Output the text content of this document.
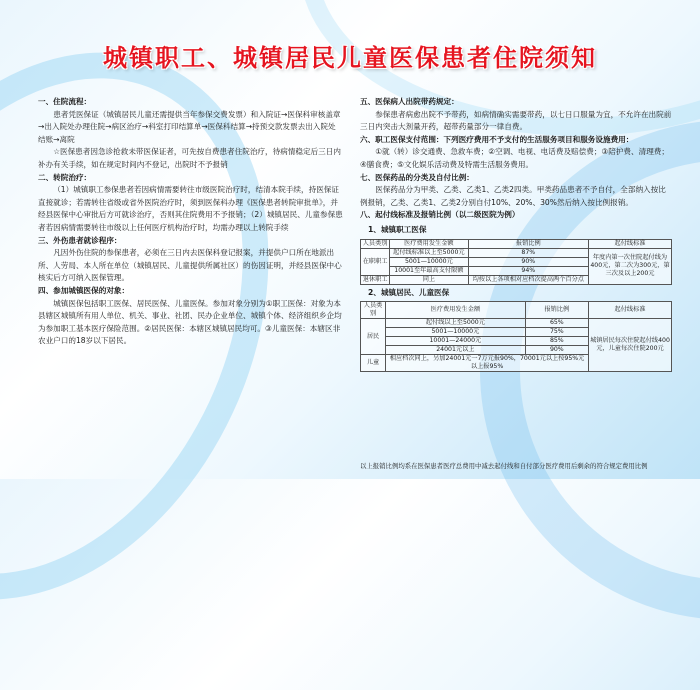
城镇职工、城镇居民儿童医保患者住院须知
一、住院流程：
患者凭医保证（城镇居民儿童还需提供当年参保交费发票）和入院证→医保科审核盖章→出入院处办理住院→病区治疗→科室打印结算单→医保科结算→持预交款发票去出入院处结账→离院
☆医保患者因急诊抢救未带医保证者，可先按自费患者住院治疗，待病情稳定后三日内补办有关手续，如在规定时间内不登记，出院时不予报销
二、转院治疗：
（1）城镇职工参保患者若因病情需要转往市级医院治疗时，结清本院手续，持医保证直接就诊；若需转往省级或省外医院治疗时，须到医保科办理《医保患者转院审批单》，并经县医保中心审批后方可就诊治疗，否则其住院费用不予报销；（2）城镇居民、儿童参保患者若因病情需要转往市级以上任何医疗机构治疗时，均需办理以上转院手续
三、外伤患者就诊程序：
凡因外伤住院的参保患者，必须在三日内去医保科登记报案，并提供户口所在地派出所、人劳局、本人所在单位（城镇居民、儿童提供所属社区）的伤因证明，并经县医保中心核实后方可纳入医保管理。
四、参加城镇医保的对象：
城镇医保包括职工医保、居民医保、儿童医保。参加对象分别为①职工医保：对象为本县辖区城镇所有用人单位、机关、事业、社团、民办企业单位、城镇个体、经济组织乡企均为参加职工基本医疗保险范围。②居民医保：本辖区城镇居民均可。③儿童医保：本辖区非农业户口的18岁以下居民。
五、医保病人出院带药规定：
参保患者病愈出院不予带药，如病情确实需要带药，以七日口服量为宜，不允许在出院前三日内突击大剂量开药，超带药量部分一律自费。
六、职工医保支付范围：下列医疗费用不予支付的生活服务项目和服务设施费用：
①就（转）诊交通费、急救车费；②空调、电视、电话费及赔偿费；③陪护费、清理费；④膳食费；⑤文化娱乐活动费及特需生活服务费用。
七、医保药品的分类及自付比例：
医保药品分为甲类、乙类、乙类1、乙类2四类。甲类药品患者不予自付，全部纳入按比例报销，乙类、乙类1、乙类2分别自付10%、20%、30%然后纳入按比例报销。
八、起付线标准及报销比例（以二级医院为例）
1、城镇职工医保
人员类别	医疗费用发生金额	报销比例	起付线标准
在职职工	起付线标准以上至5000元	87%	年度内第一次住院起付线为400元，第二次为300元，第三次及以上200元
	5001—10000元	90%	
	10001至年最高支付限额	94%	
退休职工	同上	均按以上各项相对应档次提高两个百分点	
2、城镇居民、儿童医保
人员类别	医疗费用发生金额	报销比例	起付线标准
居民	起付线以上至5000元	65%	城镇居民每次住院起付线400元，儿童每次住院200元
	5001—10000元	75%	
	10001—24000元	85%	
	24001元以上	90%	
儿童	相应档次同上，另加24001元一7万元报90%，70001元以上按95%元以上报95%		
以上报销比例均系在医保患者医疗总费用中减去起付线和自付部分医疗费用后剩余的符合规定费用比例
